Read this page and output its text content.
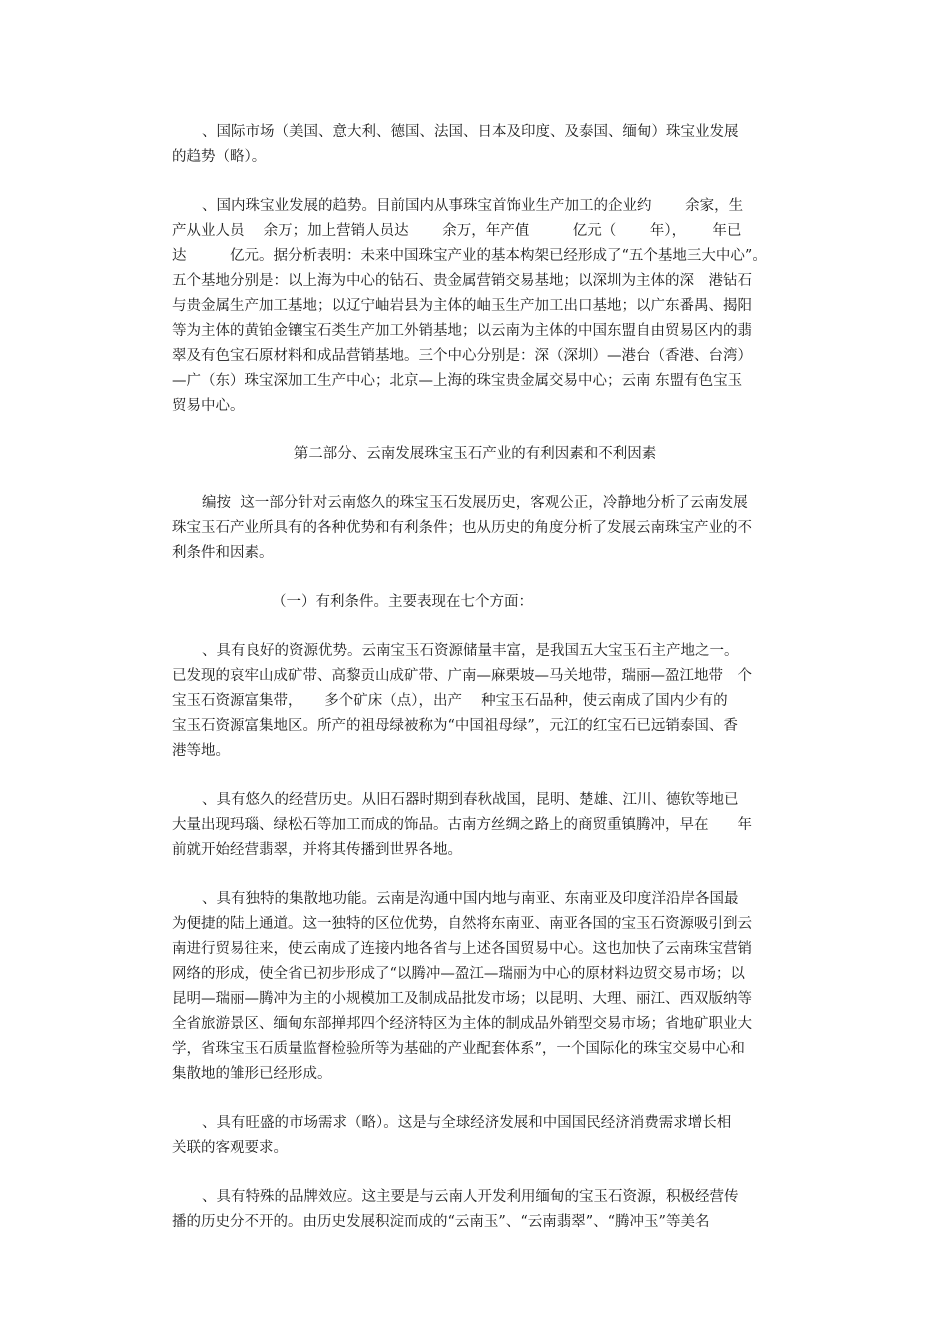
、国际市场（美国、意大利、德国、法国、日本及印度、及泰国、缅甸）珠宝业发展
的趋势（略）。
、国内珠宝业发展的趋势。目前国内从事珠宝首饰业生产加工的企业约　　 余家，生
产从业人员　 余万；加上营销人员达　　 余万，年产值　　　亿元（　　 年），　　 年已
达　　　亿元。据分析表明：未来中国珠宝产业的基本构架已经形成了“五个基地三大中心”。
五个基地分别是：以上海为中心的钻石、贵金属营销交易基地；以深圳为主体的深　港钻石
与贵金属生产加工基地；以辽宁岫岩县为主体的岫玉生产加工出口基地；以广东番禺、揭阳
等为主体的黄铂金镶宝石类生产加工外销基地；以云南为主体的中国东盟自由贸易区内的翡
翠及有色宝石原材料和成品营销基地。三个中心分别是：深（深圳）—港台（香港、台湾）
—广（东）珠宝深加工生产中心；北京—上海的珠宝贵金属交易中心；云南 东盟有色宝玉
贸易中心。
第二部分、云南发展珠宝玉石产业的有利因素和不利因素
编按  这一部分针对云南悠久的珠宝玉石发展历史，客观公正，冷静地分析了云南发展
珠宝玉石产业所具有的各种优势和有利条件；也从历史的角度分析了发展云南珠宝产业的不
利条件和因素。
（一）有利条件。主要表现在七个方面：
、具有良好的资源优势。云南宝玉石资源储量丰富，是我国五大宝玉石主产地之一。
已发现的哀牢山成矿带、高黎贡山成矿带、广南—麻栗坡—马关地带，瑞丽—盈江地带　个
宝玉石资源富集带，　　多个矿床（点），出产　 种宝玉石品种，使云南成了国内少有的
宝玉石资源富集地区。所产的祖母绿被称为“中国祖母绿”，元江的红宝石已远销泰国、香
港等地。
、具有悠久的经营历史。从旧石器时期到春秋战国，昆明、楚雄、江川、德钦等地已
大量出现玛瑙、绿松石等加工而成的饰品。古南方丝绸之路上的商贸重镇腾冲，早在　　年
前就开始经营翡翠，并将其传播到世界各地。
、具有独特的集散地功能。云南是沟通中国内地与南亚、东南亚及印度洋沿岸各国最
为便捷的陆上通道。这一独特的区位优势，自然将东南亚、南亚各国的宝玉石资源吸引到云
南进行贸易往来，使云南成了连接内地各省与上述各国贸易中心。这也加快了云南珠宝营销
网络的形成，使全省已初步形成了“以腾冲—盈江—瑞丽为中心的原材料边贸交易市场；以
昆明—瑞丽—腾冲为主的小规模加工及制成品批发市场；以昆明、大理、丽江、西双版纳等
全省旅游景区、缅甸东部掸邦四个经济特区为主体的制成品外销型交易市场；省地矿职业大
学，省珠宝玉石质量监督检验所等为基础的产业配套体系”，一个国际化的珠宝交易中心和
集散地的雏形已经形成。
、具有旺盛的市场需求（略）。这是与全球经济发展和中国国民经济消费需求增长相
关联的客观要求。
、具有特殊的品牌效应。这主要是与云南人开发利用缅甸的宝玉石资源，积极经营传
播的历史分不开的。由历史发展积淀而成的“云南玉”、“云南翡翠”、“腾冲玉”等美名
